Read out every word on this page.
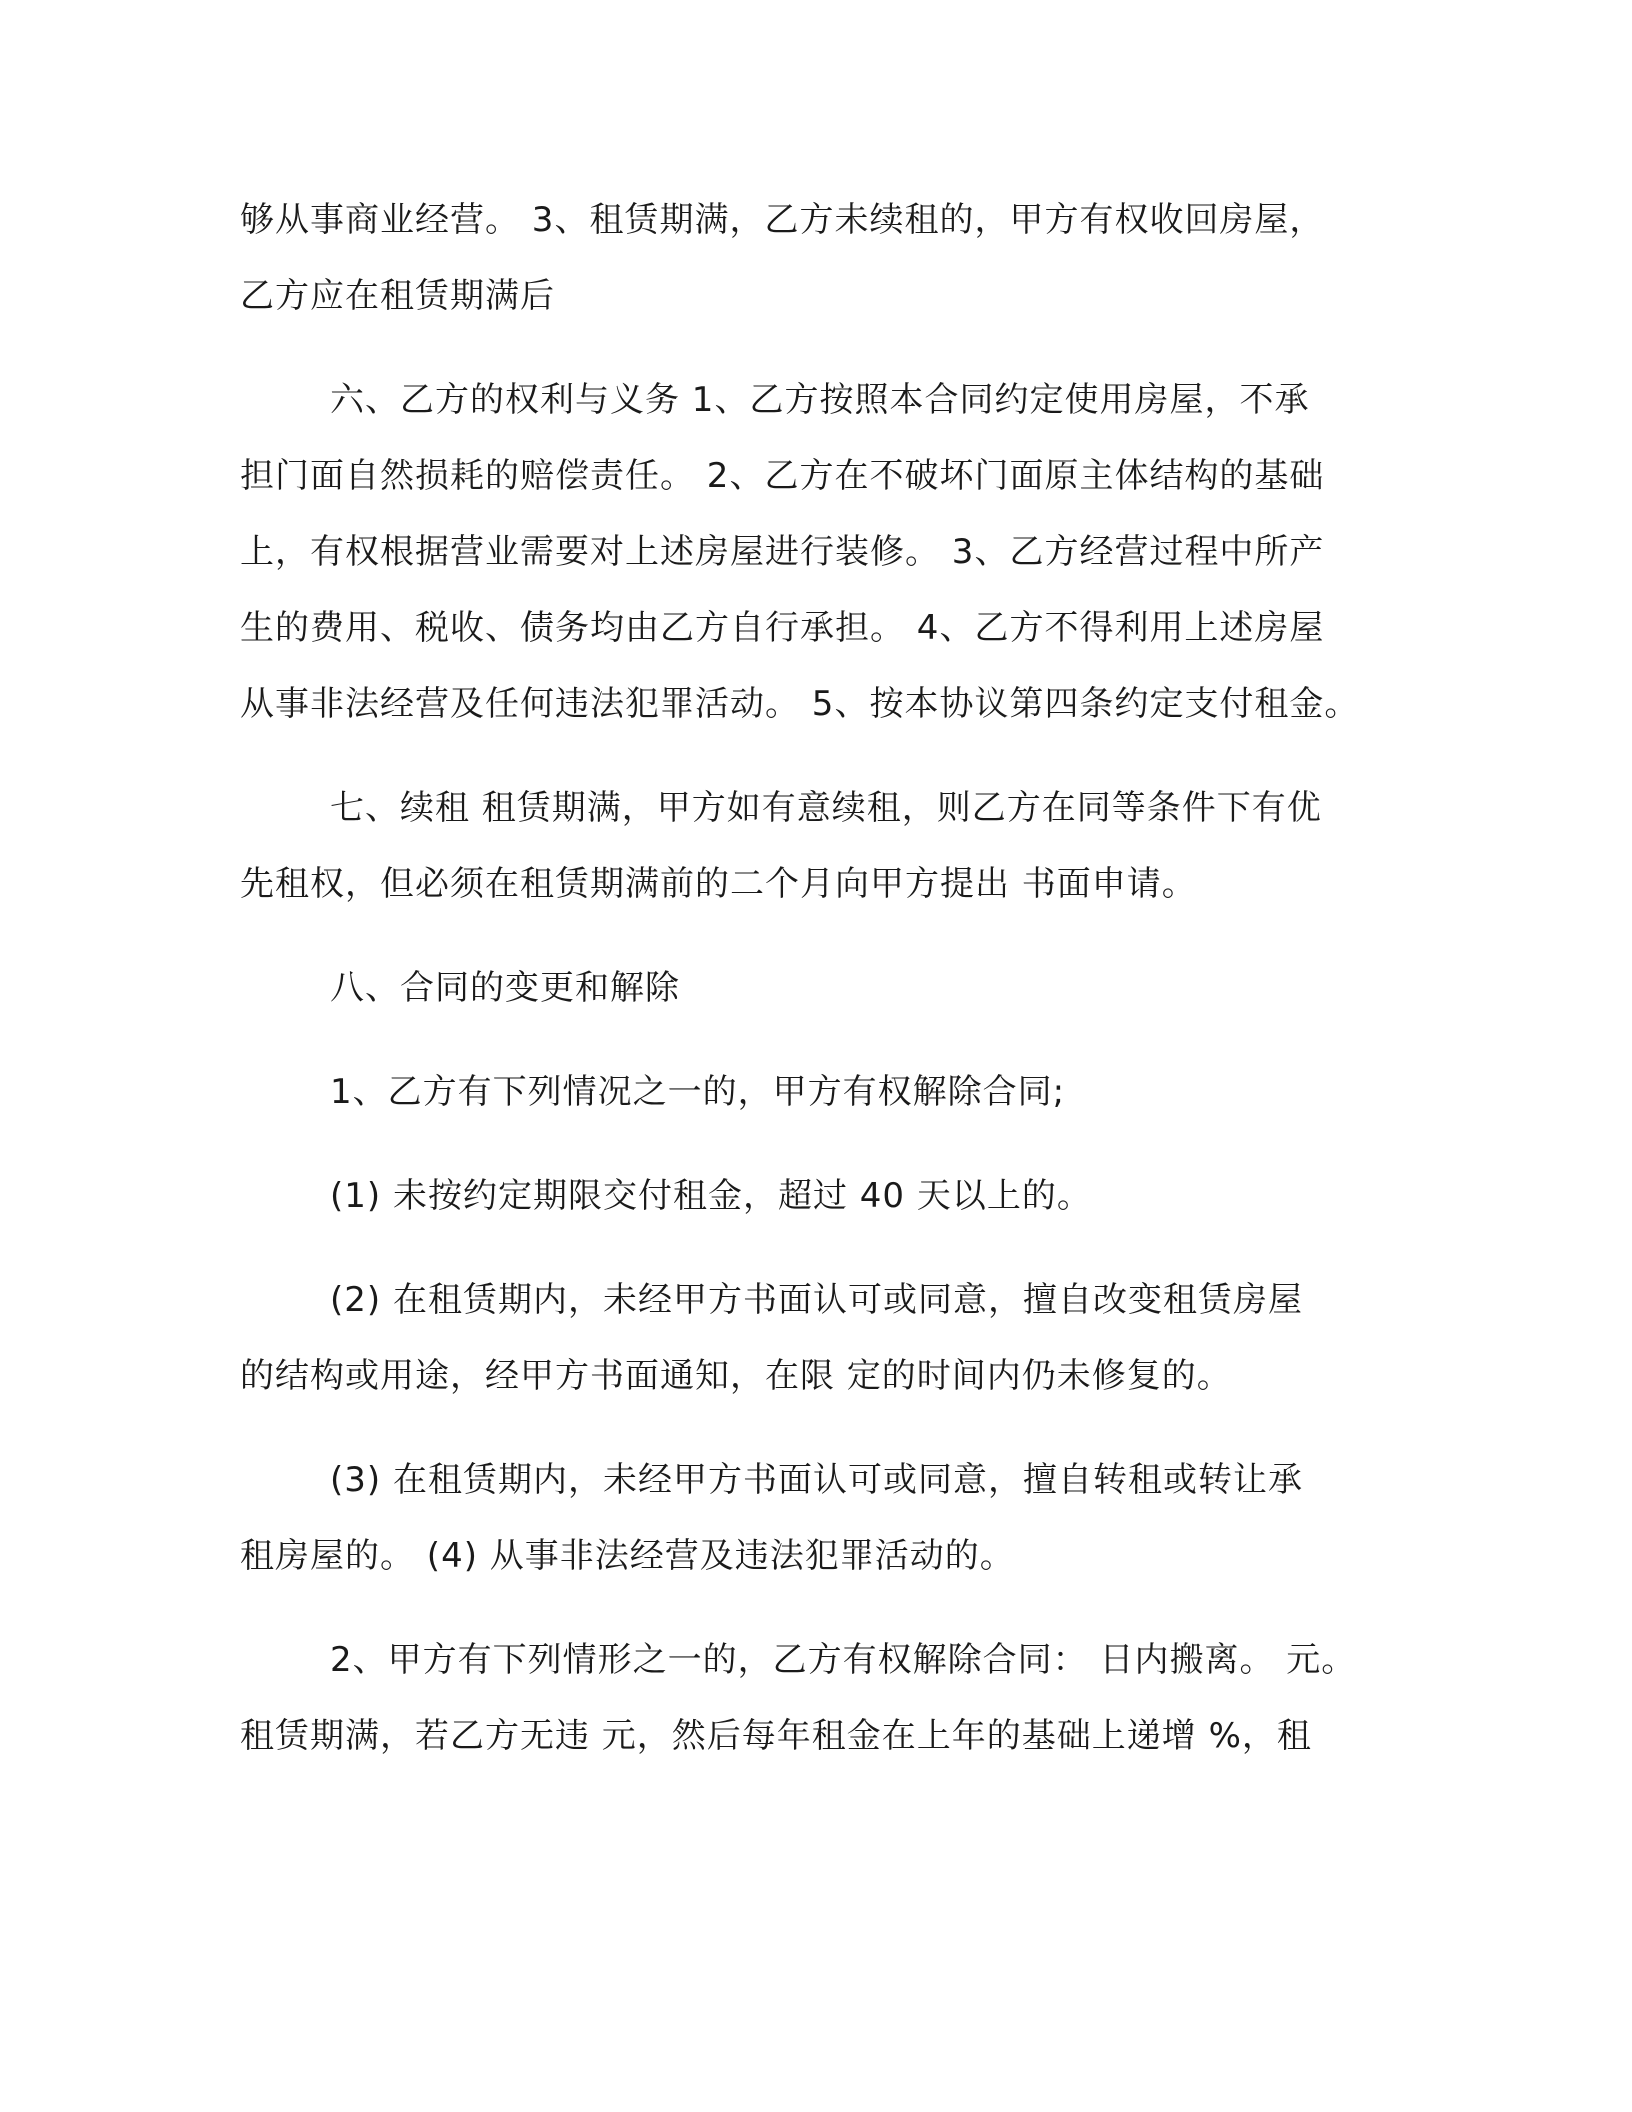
够从事商业经营。 3、租赁期满，乙方未续租的，甲方有权收回房屋，
乙方应在租赁期满后
六、乙方的权利与义务 1、乙方按照本合同约定使用房屋，不承
担门面自然损耗的赔偿责任。 2、乙方在不破坏门面原主体结构的基础
上，有权根据营业需要对上述房屋进行装修。 3、乙方经营过程中所产
生的费用、税收、债务均由乙方自行承担。 4、乙方不得利用上述房屋
从事非法经营及任何违法犯罪活动。 5、按本协议第四条约定支付租金。
七、续租 租赁期满，甲方如有意续租，则乙方在同等条件下有优
先租权，但必须在租赁期满前的二个月向甲方提出 书面申请。
八、合同的变更和解除
1、乙方有下列情况之一的，甲方有权解除合同;
(1) 未按约定期限交付租金，超过 40 天以上的。
(2) 在租赁期内，未经甲方书面认可或同意，擅自改变租赁房屋
的结构或用途，经甲方书面通知，在限 定的时间内仍未修复的。
(3) 在租赁期内，未经甲方书面认可或同意，擅自转租或转让承
租房屋的。 (4) 从事非法经营及违法犯罪活动的。
2、甲方有下列情形之一的，乙方有权解除合同： 日内搬离。 元。
租赁期满，若乙方无违 元，然后每年租金在上年的基础上递增 %，租
